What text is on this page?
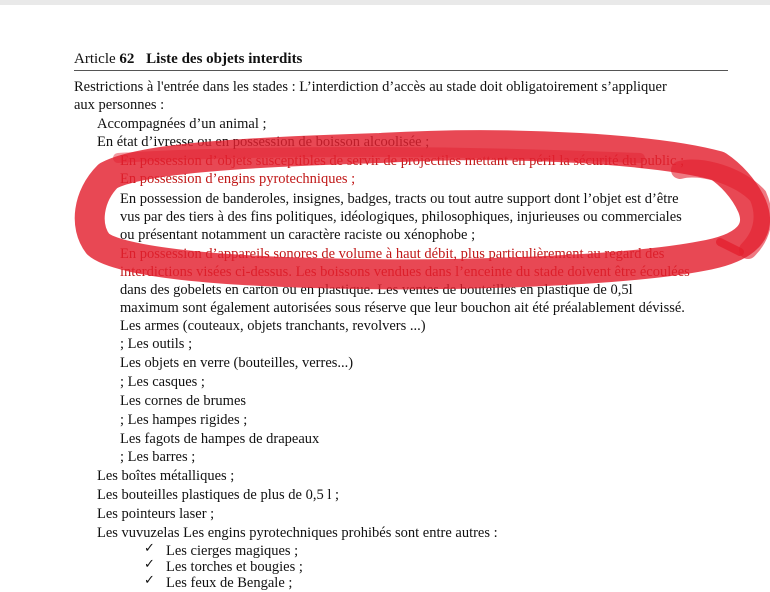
Article 62 Liste des objets interdits
Restrictions à l'entrée dans les stades : L’interdiction d’accès au stade doit obligatoirement s’appliquer
aux personnes :
Accompagnées d’un animal ;
En état d’ivresse ou en possession de boisson alcoolisée ;
En possession d’objets susceptibles de servir de projectiles mettant en péril la sécurité du public ;
En possession d’engins pyrotechniques ;
En possession de banderoles, insignes, badges, tracts ou tout autre support dont l’objet est d’être
vus par des tiers à des fins politiques, idéologiques, philosophiques, injurieuses ou commerciales
ou présentant notamment un caractère raciste ou xénophobe ;
En possession d’appareils sonores de volume à haut débit, plus particulièrement au regard des
interdictions visées ci-dessus. Les boissons vendues dans l’enceinte du stade doivent être écoulées
dans des gobelets en carton ou en plastique. Les ventes de bouteilles en plastique de 0,5l
maximum sont également autorisées sous réserve que leur bouchon ait été préalablement dévissé.
Les armes (couteaux, objets tranchants, revolvers ...)
; Les outils ;
Les objets en verre (bouteilles, verres...)
; Les casques ;
Les cornes de brumes
; Les hampes rigides ;
Les fagots de hampes de drapeaux
; Les barres ;
Les boîtes métalliques ;
Les bouteilles plastiques de plus de 0,5 l ;
Les pointeurs laser ;
Les vuvuzelas Les engins pyrotechniques prohibés sont entre autres :
✓ Les cierges magiques ;
✓ Les torches et bougies ;
✓ Les feux de Bengale ;
